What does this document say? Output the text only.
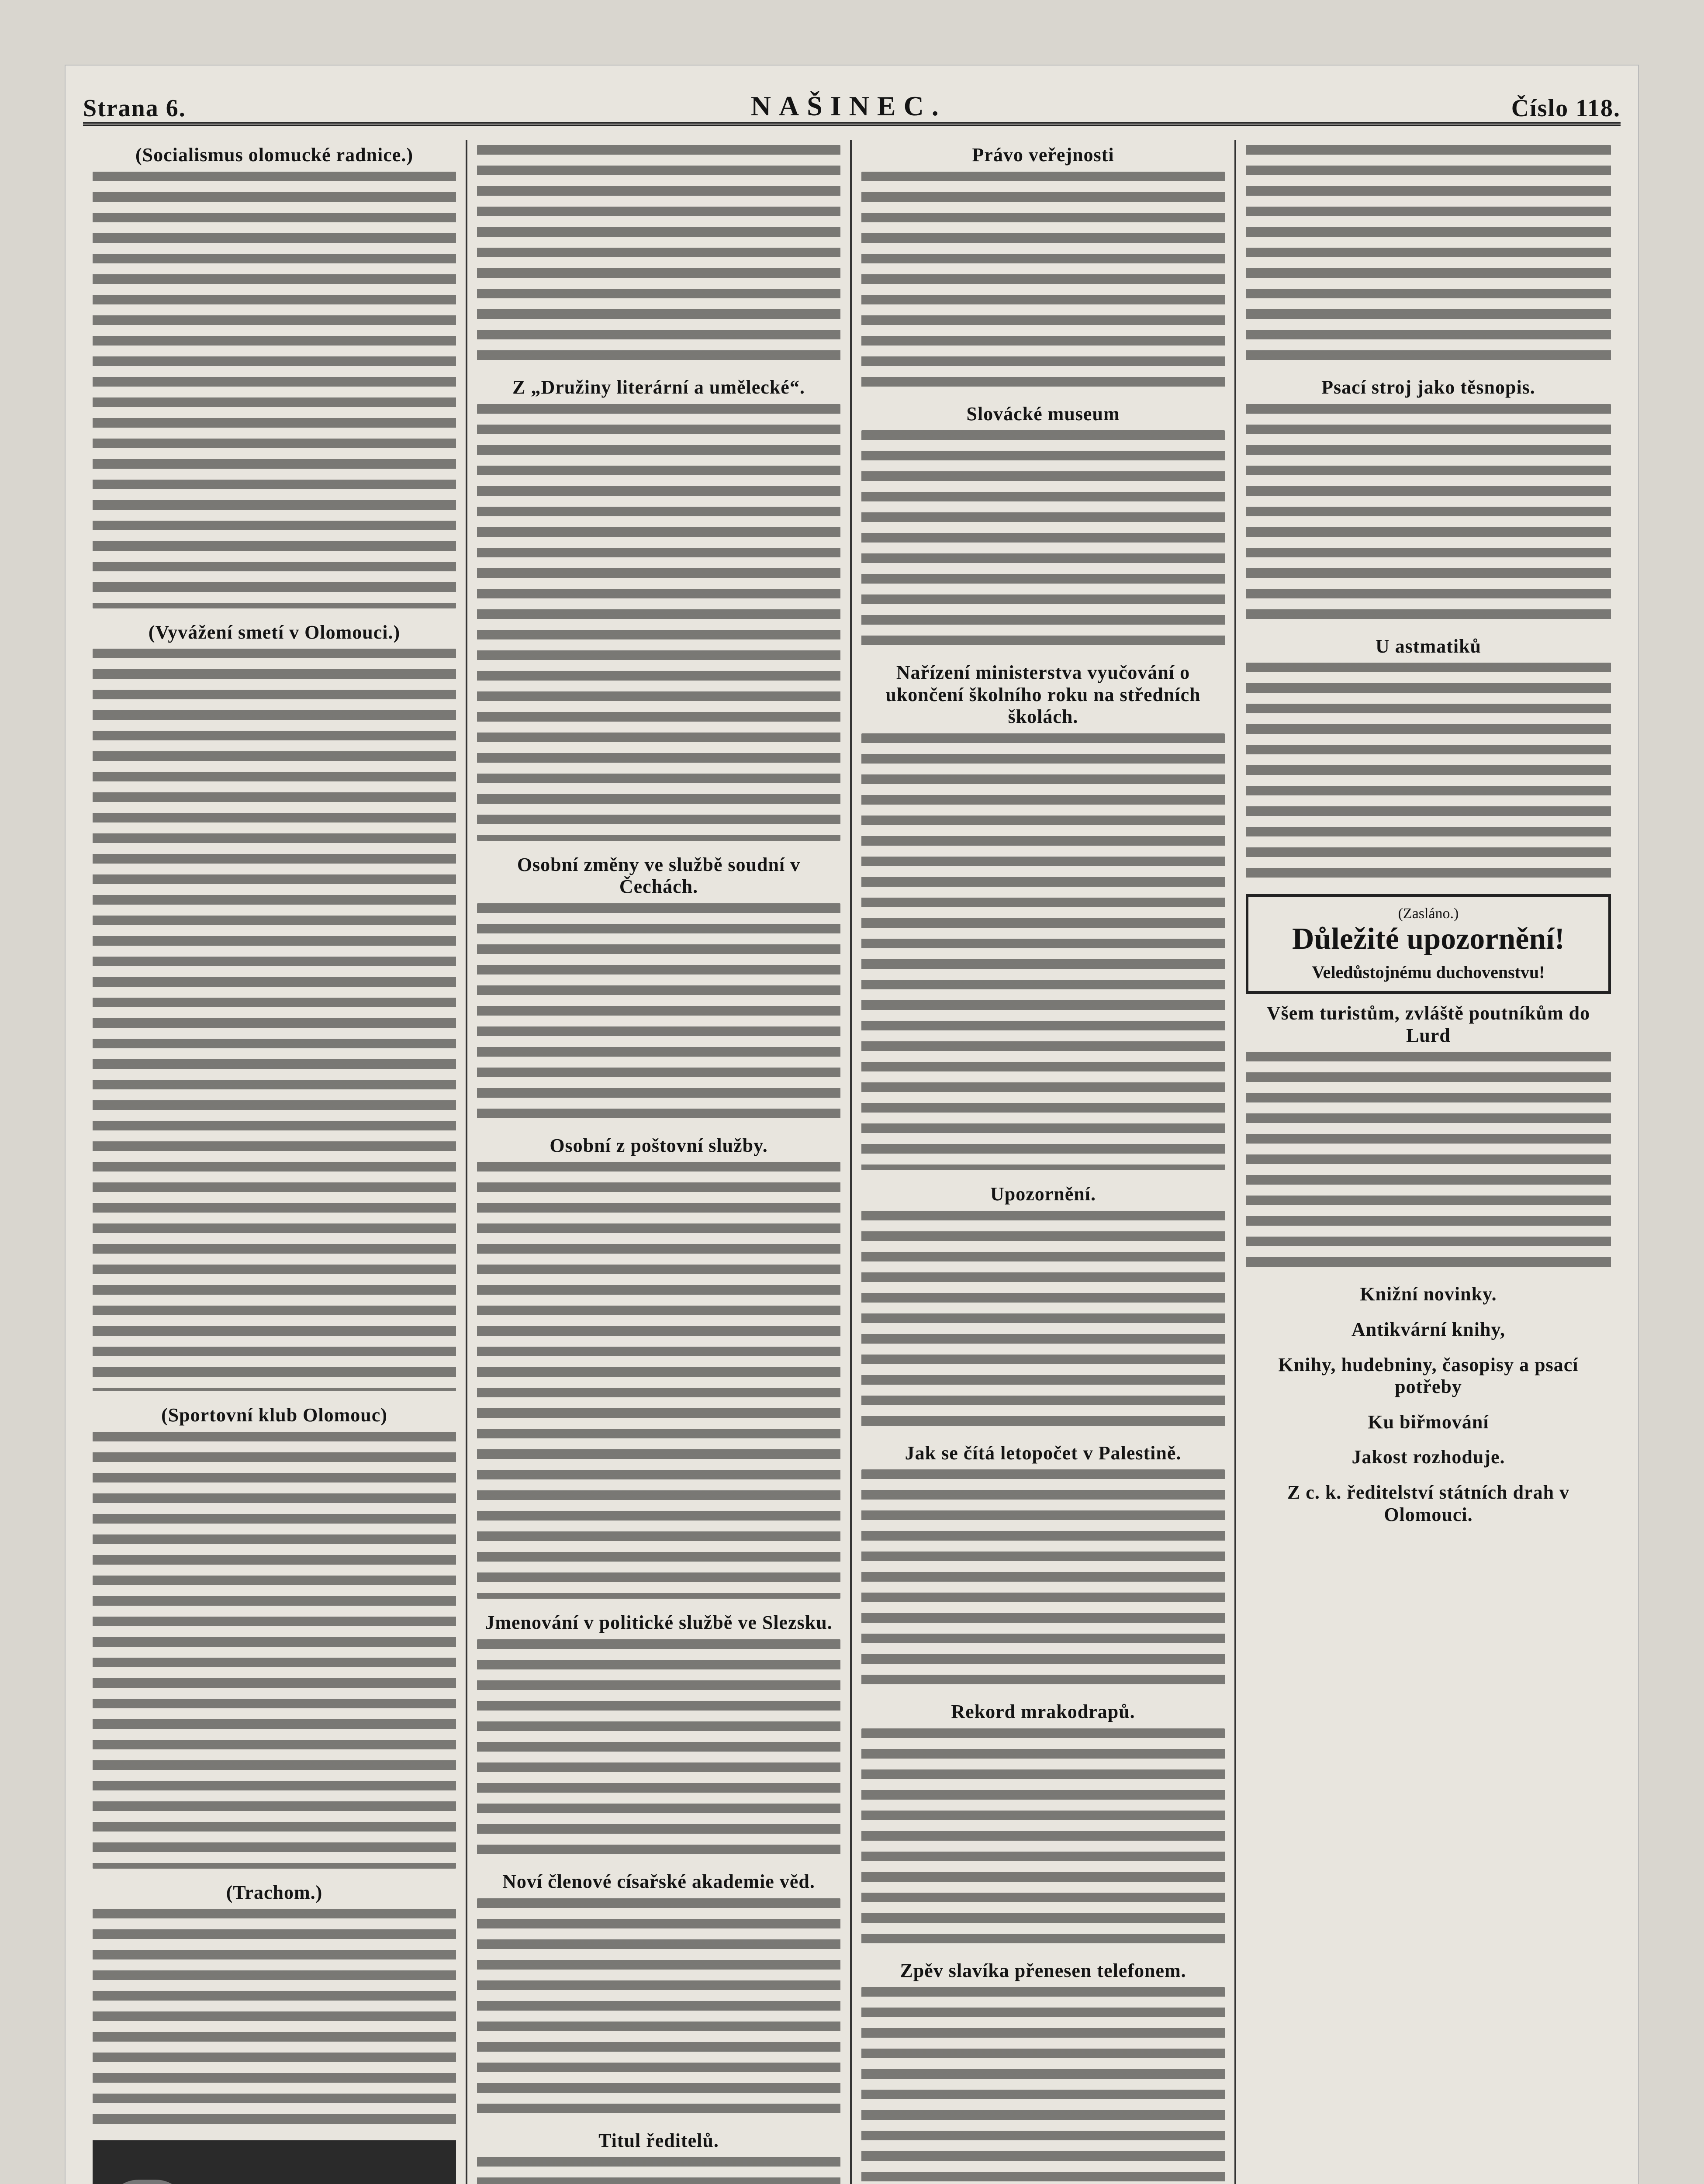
Strana 6.	NAŠINEC.	Číslo 118.
(Socialismus olomucké radnice.)
(Vyvážení smetí v Olomouci.)
(Sportovní klub Olomouc)
(Trachom.)
Z „Družiny literární a umělecké“.
Osobní změny ve službě soudní v Čechách.
Osobní z poštovní služby.
Jmenování v politické službě ve Slezsku.
Noví členové císařské akademie věd.
Titul ředitelů.
Právo veřejnosti
Slovácké museum
Nařízení ministerstva vyučování o ukončení školního roku na středních školách.
Upozornění.
Jak se čítá letopočet v Palestině.
Rekord mrakodrapů.
Zpěv slavíka přenesen telefonem.
Psací stroj jako těsnopis.
U astmatiků
(Zasláno.)
Důležité upozornění!
Veledůstojnému duchovenstvu!
Všem turistům, zvláště poutníkům do Lurd
Knižní novinky.
Antikvární knihy,
Knihy, hudebniny, časopisy a psací potřeby
Ku biřmování
Jakost rozhoduje.
Z c. k. ředitelství státních drah v Olomouci.
